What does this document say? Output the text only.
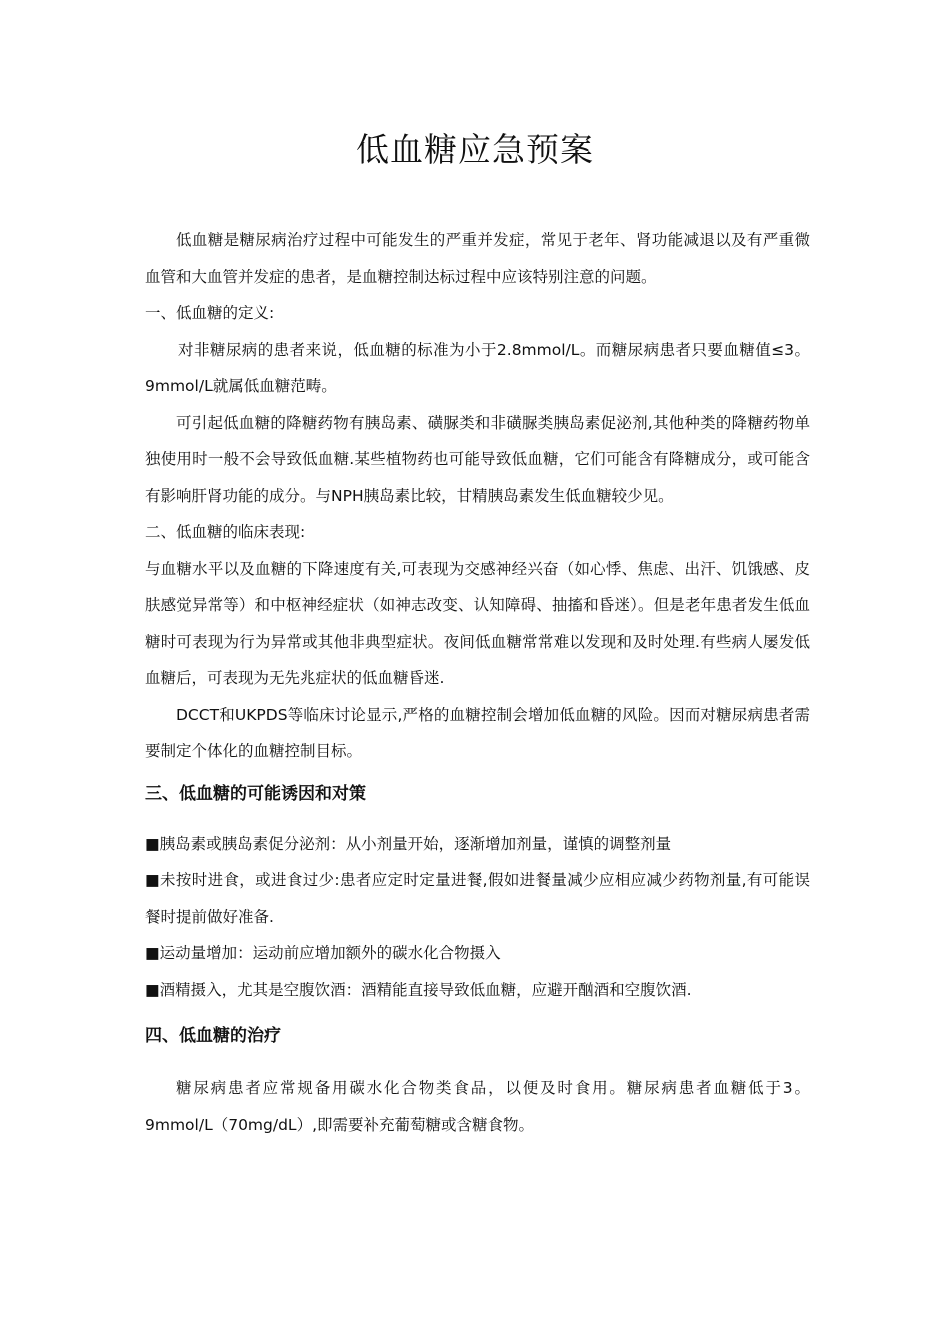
低血糖应急预案

低血糖是糖尿病治疗过程中可能发生的严重并发症，常见于老年、肾功能减退以及有严重微血管和大血管并发症的患者，是血糖控制达标过程中应该特别注意的问题。

一、低血糖的定义:

对非糖尿病的患者来说，低血糖的标准为小于2.8mmol/L。而糖尿病患者只要血糖值≤3。9mmol/L就属低血糖范畴。

可引起低血糖的降糖药物有胰岛素、磺脲类和非磺脲类胰岛素促泌剂,其他种类的降糖药物单独使用时一般不会导致低血糖.某些植物药也可能导致低血糖，它们可能含有降糖成分，或可能含有影响肝肾功能的成分。与NPH胰岛素比较，甘精胰岛素发生低血糖较少见。

二、低血糖的临床表现:

与血糖水平以及血糖的下降速度有关,可表现为交感神经兴奋（如心悸、焦虑、出汗、饥饿感、皮肤感觉异常等）和中枢神经症状（如神志改变、认知障碍、抽搐和昏迷）。但是老年患者发生低血糖时可表现为行为异常或其他非典型症状。夜间低血糖常常难以发现和及时处理.有些病人屡发低血糖后，可表现为无先兆症状的低血糖昏迷.

DCCT和UKPDS等临床讨论显示,严格的血糖控制会增加低血糖的风险。因而对糖尿病患者需要制定个体化的血糖控制目标。

三、低血糖的可能诱因和对策

■胰岛素或胰岛素促分泌剂：从小剂量开始，逐渐增加剂量，谨慎的调整剂量

■未按时进食，或进食过少:患者应定时定量进餐,假如进餐量减少应相应减少药物剂量,有可能误餐时提前做好准备.

■运动量增加：运动前应增加额外的碳水化合物摄入

■酒精摄入，尤其是空腹饮酒：酒精能直接导致低血糖，应避开酗酒和空腹饮酒.

四、低血糖的治疗

糖尿病患者应常规备用碳水化合物类食品，以便及时食用。糖尿病患者血糖低于3。9mmol/L（70mg/dL）,即需要补充葡萄糖或含糖食物。
